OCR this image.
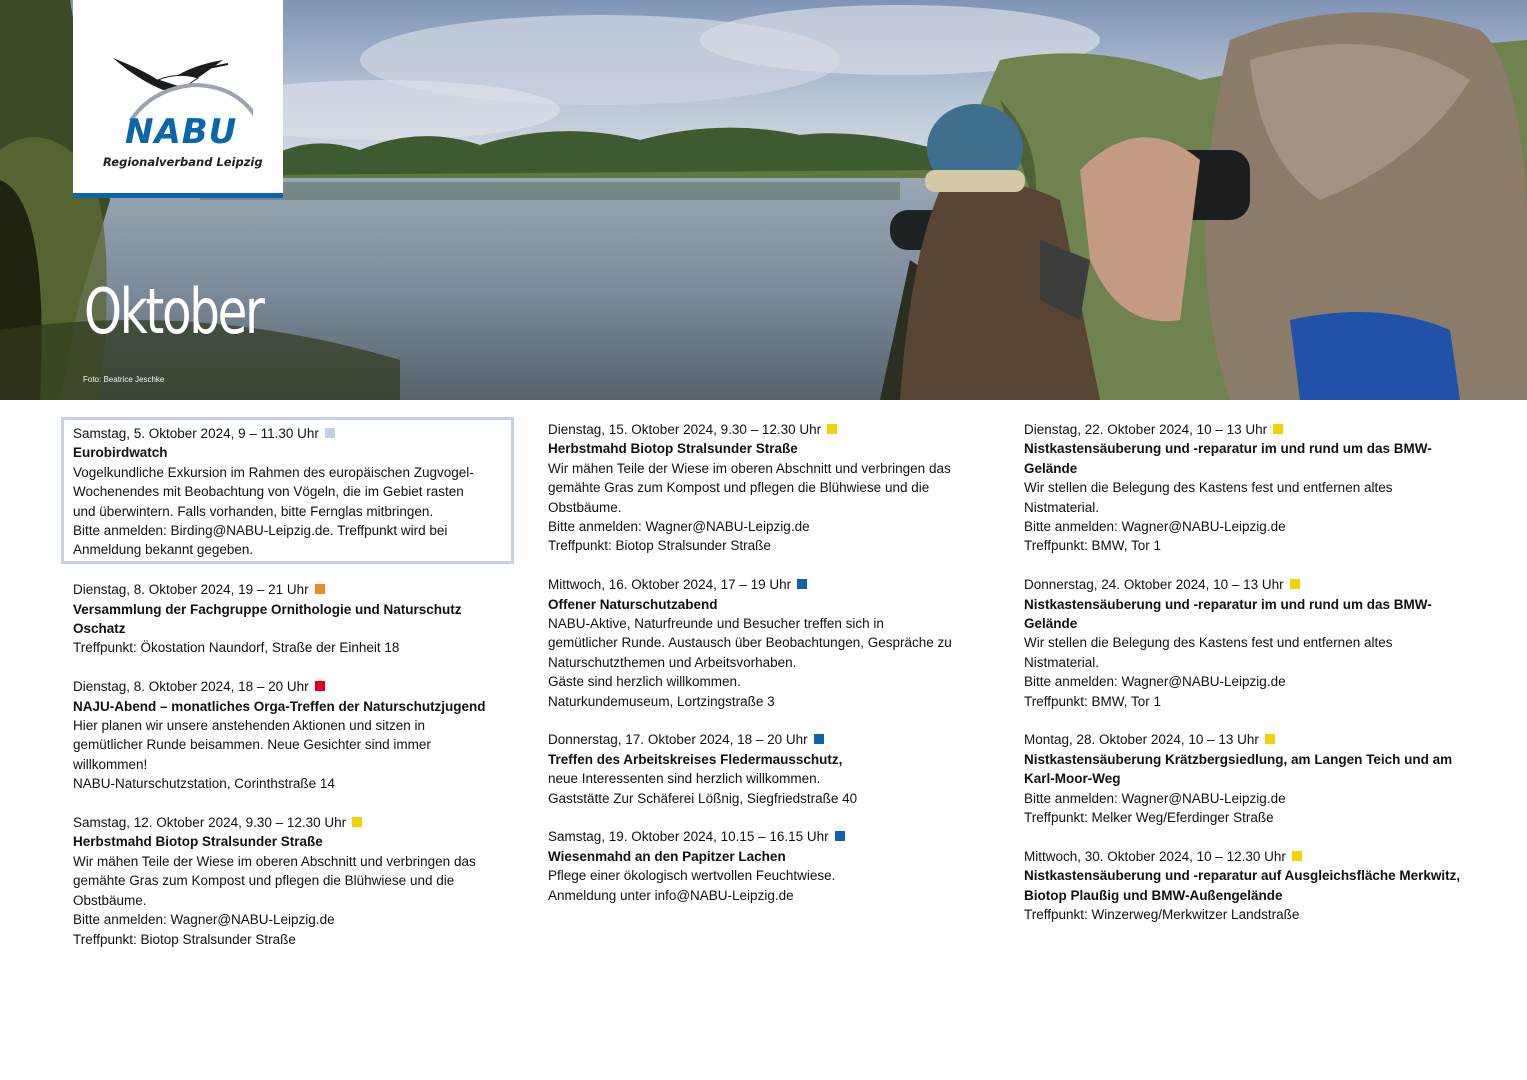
NABU
Regionalverband Leipzig
Oktober
Foto: Beatrice Jeschke
Samstag, 5. Oktober 2024, 9 – 11.30 Uhr
Eurobirdwatch
Vogelkundliche Exkursion im Rahmen des europäischen Zugvogel-
Wochenendes mit Beobachtung von Vögeln, die im Gebiet rasten
und überwintern. Falls vorhanden, bitte Fernglas mitbringen.
Bitte anmelden: Birding@NABU-Leipzig.de. Treffpunkt wird bei
Anmeldung bekannt gegeben.
Dienstag, 8. Oktober 2024, 19 – 21 Uhr
Versammlung der Fachgruppe Ornithologie und Naturschutz Oschatz
Treffpunkt: Ökostation Naundorf, Straße der Einheit 18
Dienstag, 8. Oktober 2024, 18 – 20 Uhr
NAJU-Abend – monatliches Orga-Treffen der Naturschutzjugend
Hier planen wir unsere anstehenden Aktionen und sitzen in
gemütlicher Runde beisammen. Neue Gesichter sind immer
willkommen!
NABU-Naturschutzstation, Corinthstraße 14
Samstag, 12. Oktober 2024, 9.30 – 12.30 Uhr
Herbstmahd Biotop Stralsunder Straße
Wir mähen Teile der Wiese im oberen Abschnitt und verbringen das
gemähte Gras zum Kompost und pflegen die Blühwiese und die
Obstbäume.
Bitte anmelden: Wagner@NABU-Leipzig.de
Treffpunkt: Biotop Stralsunder Straße
Dienstag, 15. Oktober 2024, 9.30 – 12.30 Uhr
Herbstmahd Biotop Stralsunder Straße
Wir mähen Teile der Wiese im oberen Abschnitt und verbringen das
gemähte Gras zum Kompost und pflegen die Blühwiese und die
Obstbäume.
Bitte anmelden: Wagner@NABU-Leipzig.de
Treffpunkt: Biotop Stralsunder Straße
Mittwoch, 16. Oktober 2024, 17 – 19 Uhr
Offener Naturschutzabend
NABU-Aktive, Naturfreunde und Besucher treffen sich in
gemütlicher Runde. Austausch über Beobachtungen, Gespräche zu
Naturschutzthemen und Arbeitsvorhaben.
Gäste sind herzlich willkommen.
Naturkundemuseum, Lortzingstraße 3
Donnerstag, 17. Oktober 2024, 18 – 20 Uhr
Treffen des Arbeitskreises Fledermausschutz,
neue Interessenten sind herzlich willkommen.
Gaststätte Zur Schäferei Lößnig, Siegfriedstraße 40
Samstag, 19. Oktober 2024, 10.15 – 16.15 Uhr
Wiesenmahd an den Papitzer Lachen
Pflege einer ökologisch wertvollen Feuchtwiese.
Anmeldung unter info@NABU-Leipzig.de
Dienstag, 22. Oktober 2024, 10 – 13 Uhr
Nistkastensäuberung und -reparatur im und rund um das BMW-Gelände
Wir stellen die Belegung des Kastens fest und entfernen altes
Nistmaterial.
Bitte anmelden: Wagner@NABU-Leipzig.de
Treffpunkt: BMW, Tor 1
Donnerstag, 24. Oktober 2024, 10 – 13 Uhr
Nistkastensäuberung und -reparatur im und rund um das BMW-Gelände
Wir stellen die Belegung des Kastens fest und entfernen altes
Nistmaterial.
Bitte anmelden: Wagner@NABU-Leipzig.de
Treffpunkt: BMW, Tor 1
Montag, 28. Oktober 2024, 10 – 13 Uhr
Nistkastensäuberung Krätzbergsiedlung, am Langen Teich und am Karl-Moor-Weg
Bitte anmelden: Wagner@NABU-Leipzig.de
Treffpunkt: Melker Weg/Eferdinger Straße
Mittwoch, 30. Oktober 2024, 10 – 12.30 Uhr
Nistkastensäuberung und -reparatur auf Ausgleichsfläche Merkwitz, Biotop Plaußig und BMW-Außengelände
Treffpunkt: Winzerweg/Merkwitzer Landstraße
